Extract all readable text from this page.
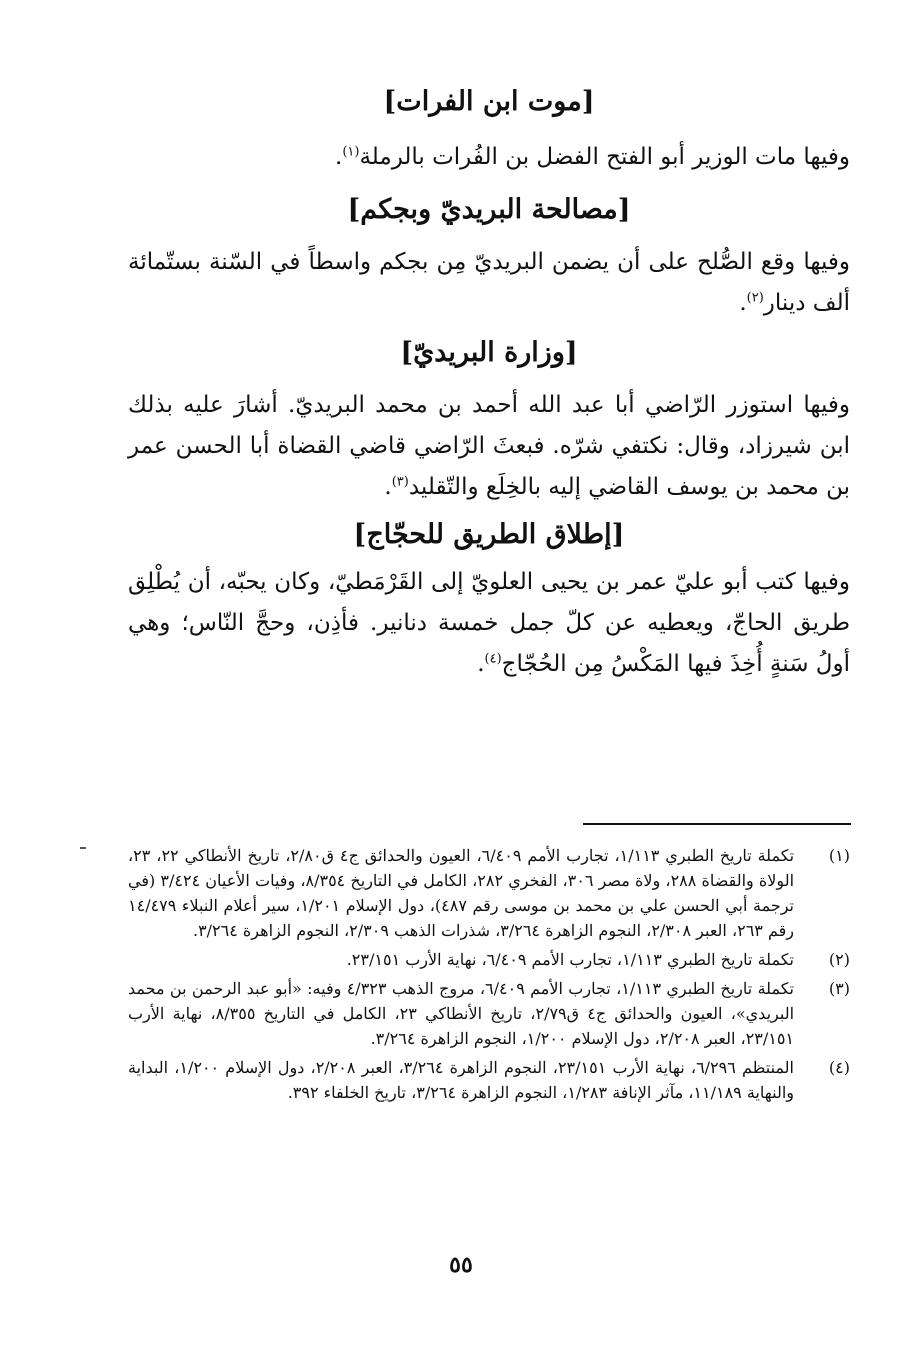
[موت ابن الفرات]

وفيها مات الوزير أبو الفتح الفضل بن الفُرات بالرملة$^{(١)}$.

[مصالحة البريديّ وبجكم]

وفيها وقع الصُّلح على أن يضمن البريديّ مِن بجكم واسطاً في السّنة بستّمائة ألف دينار$^{(٢)}$.

[وزارة البريديّ]

وفيها استوزر الرّاضي أبا عبد الله أحمد بن محمد البريديّ. أشارَ عليه بذلك ابن شيرزاد، وقال: نكتفي شرّه. فبعثَ الرّاضي قاضي القضاة أبا الحسن عمر بن محمد بن يوسف القاضي إليه بالخِلَع والتّقليد$^{(٣)}$.

[إطلاق الطريق للحجّاج]

وفيها كتب أبو عليّ عمر بن يحيى العلويّ إلى القَرْمَطيّ، وكان يحبّه، أن يُطْلِق طريق الحاجّ، ويعطيه عن كلّ جمل خمسة دنانير. فأذِن، وحجَّ النّاس؛ وهي أولُ سَنةٍ أُخِذَ فيها المَكْسُ مِن الحُجّاج$^{(٤)}$.

(١)
تكملة تاريخ الطبري ١/١١٣، تجارب الأمم ٦/٤٠٩، العيون والحدائق ج٤ ق٢/٨٠، تاريخ الأنطاكي ٢٢، ٢٣، الولاة والقضاة ٢٨٨، ولاة مصر ٣٠٦، الفخري ٢٨٢، الكامل في التاريخ ٨/٣٥٤، وفيات الأعيان ٣/٤٢٤ (في ترجمة أبي الحسن علي بن محمد بن موسى رقم ٤٨٧)، دول الإسلام ١/٢٠١، سير أعلام النبلاء ١٤/٤٧٩ رقم ٢٦٣، العبر ٢/٣٠٨، النجوم الزاهرة ٣/٢٦٤، شذرات الذهب ٢/٣٠٩، النجوم الزاهرة ٣/٢٦٤.

(٢)
تكملة تاريخ الطبري ١/١١٣، تجارب الأمم ٦/٤٠٩، نهاية الأرب ٢٣/١٥١.

(٣)
تكملة تاريخ الطبري ١/١١٣، تجارب الأمم ٦/٤٠٩، مروج الذهب ٤/٣٢٣ وفيه: «أبو عبد الرحمن بن محمد البريدي»، العيون والحدائق ج٤ ق٢/٧٩، تاريخ الأنطاكي ٢٣، الكامل في التاريخ ٨/٣٥٥، نهاية الأرب ٢٣/١٥١، العبر ٢/٢٠٨، دول الإسلام ١/٢٠٠، النجوم الزاهرة ٣/٢٦٤.

(٤)
المنتظم ٦/٢٩٦، نهاية الأرب ٢٣/١٥١، النجوم الزاهرة ٣/٢٦٤، العبر ٢/٢٠٨، دول الإسلام ١/٢٠٠، البداية والنهاية ١١/١٨٩، مآثر الإنافة ١/٢٨٣، النجوم الزاهرة ٣/٢٦٤، تاريخ الخلفاء ٣٩٢.

٥٥
